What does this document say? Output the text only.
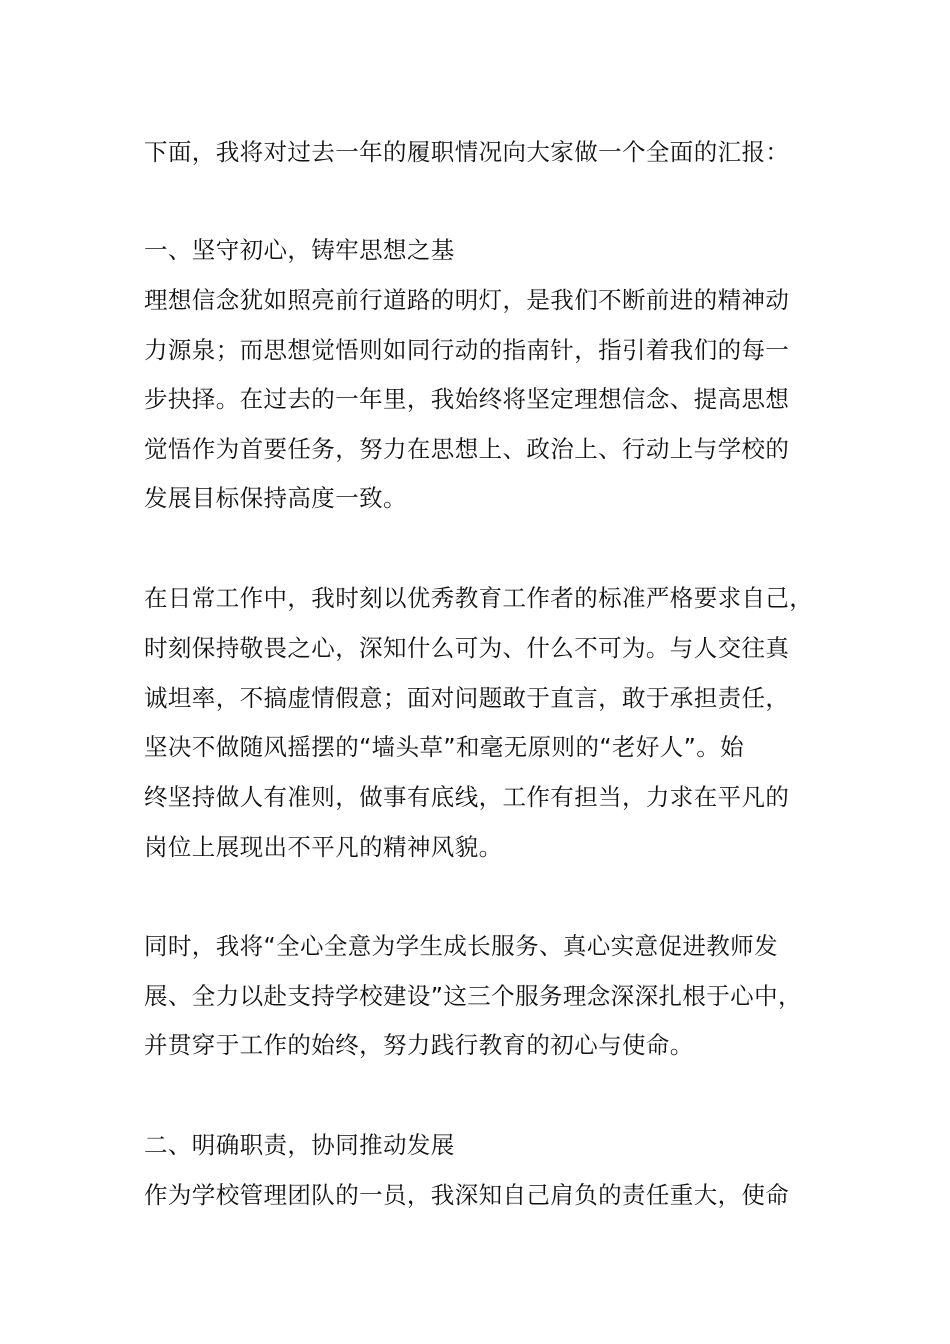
下面，我将对过去一年的履职情况向大家做一个全面的汇报：
一、坚守初心，铸牢思想之基
理想信念犹如照亮前行道路的明灯，是我们不断前进的精神动
力源泉；而思想觉悟则如同行动的指南针，指引着我们的每一
步抉择。在过去的一年里，我始终将坚定理想信念、提高思想
觉悟作为首要任务，努力在思想上、政治上、行动上与学校的
发展目标保持高度一致。
在日常工作中，我时刻以优秀教育工作者的标准严格要求自己，
时刻保持敬畏之心，深知什么可为、什么不可为。与人交往真
诚坦率，不搞虚情假意；面对问题敢于直言，敢于承担责任，
坚决不做随风摇摆的“墙头草”和毫无原则的“老好人”。始
终坚持做人有准则，做事有底线，工作有担当，力求在平凡的
岗位上展现出不平凡的精神风貌。
同时，我将“全心全意为学生成长服务、真心实意促进教师发
展、全力以赴支持学校建设”这三个服务理念深深扎根于心中，
并贯穿于工作的始终，努力践行教育的初心与使命。
二、明确职责，协同推动发展
作为学校管理团队的一员，我深知自己肩负的责任重大，使命
